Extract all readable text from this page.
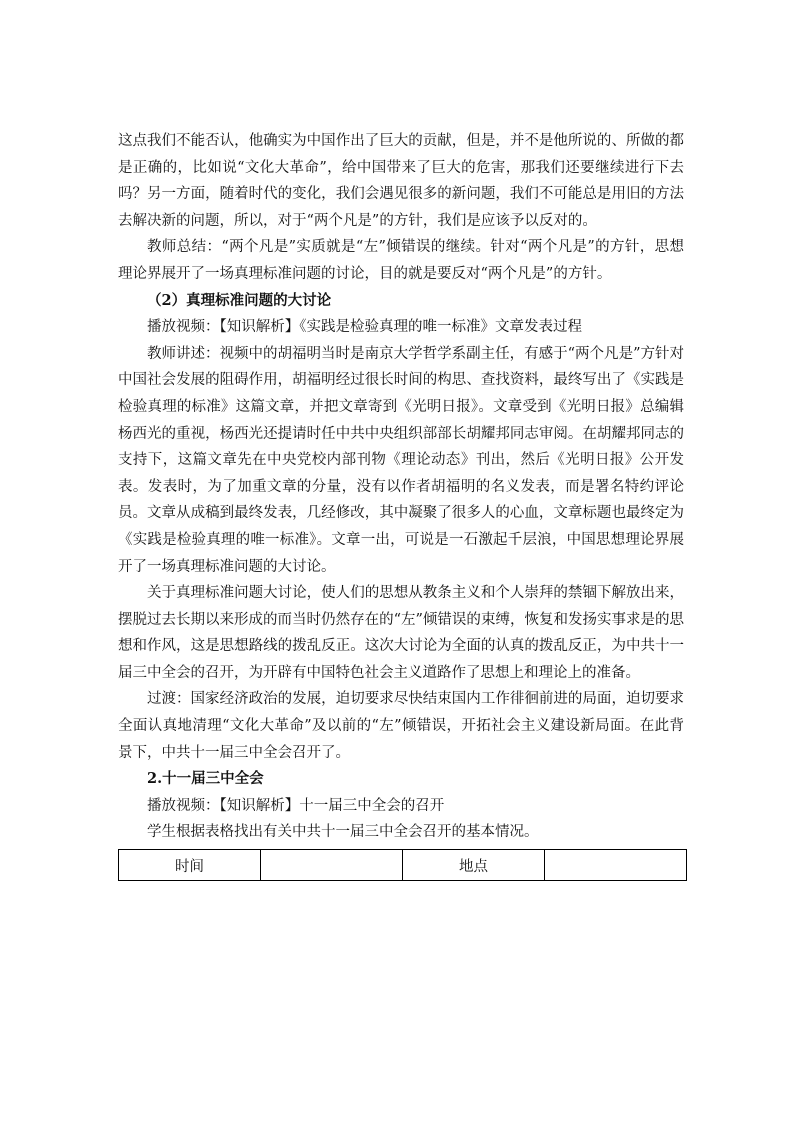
这点我们不能否认，他确实为中国作出了巨大的贡献，但是，并不是他所说的、所做的都是正确的，比如说“文化大革命”，给中国带来了巨大的危害，那我们还要继续进行下去吗？另一方面，随着时代的变化，我们会遇见很多的新问题，我们不可能总是用旧的方法去解决新的问题，所以，对于“两个凡是”的方针，我们是应该予以反对的。

教师总结：“两个凡是”实质就是“左”倾错误的继续。针对“两个凡是”的方针，思想理论界展开了一场真理标准问题的讨论，目的就是要反对“两个凡是”的方针。

（2）真理标准问题的大讨论

播放视频：【知识解析】《实践是检验真理的唯一标准》文章发表过程

教师讲述：视频中的胡福明当时是南京大学哲学系副主任，有感于“两个凡是”方针对中国社会发展的阻碍作用，胡福明经过很长时间的构思、查找资料，最终写出了《实践是检验真理的标准》这篇文章，并把文章寄到《光明日报》。文章受到《光明日报》总编辑杨西光的重视，杨西光还提请时任中共中央组织部部长胡耀邦同志审阅。在胡耀邦同志的支持下，这篇文章先在中央党校内部刊物《理论动态》刊出，然后《光明日报》公开发表。发表时，为了加重文章的分量，没有以作者胡福明的名义发表，而是署名特约评论员。文章从成稿到最终发表，几经修改，其中凝聚了很多人的心血，文章标题也最终定为《实践是检验真理的唯一标准》。文章一出，可说是一石激起千层浪，中国思想理论界展开了一场真理标准问题的大讨论。

关于真理标准问题大讨论，使人们的思想从教条主义和个人崇拜的禁锢下解放出来，摆脱过去长期以来形成的而当时仍然存在的“左”倾错误的束缚，恢复和发扬实事求是的思想和作风，这是思想路线的拨乱反正。这次大讨论为全面的认真的拨乱反正，为中共十一届三中全会的召开，为开辟有中国特色社会主义道路作了思想上和理论上的准备。

过渡：国家经济政治的发展，迫切要求尽快结束国内工作徘徊前进的局面，迫切要求全面认真地清理“文化大革命”及以前的“左”倾错误，开拓社会主义建设新局面。在此背景下，中共十一届三中全会召开了。

2.十一届三中全会

播放视频：【知识解析】十一届三中全会的召开

学生根据表格找出有关中共十一届三中全会召开的基本情况。

时间		地点	
